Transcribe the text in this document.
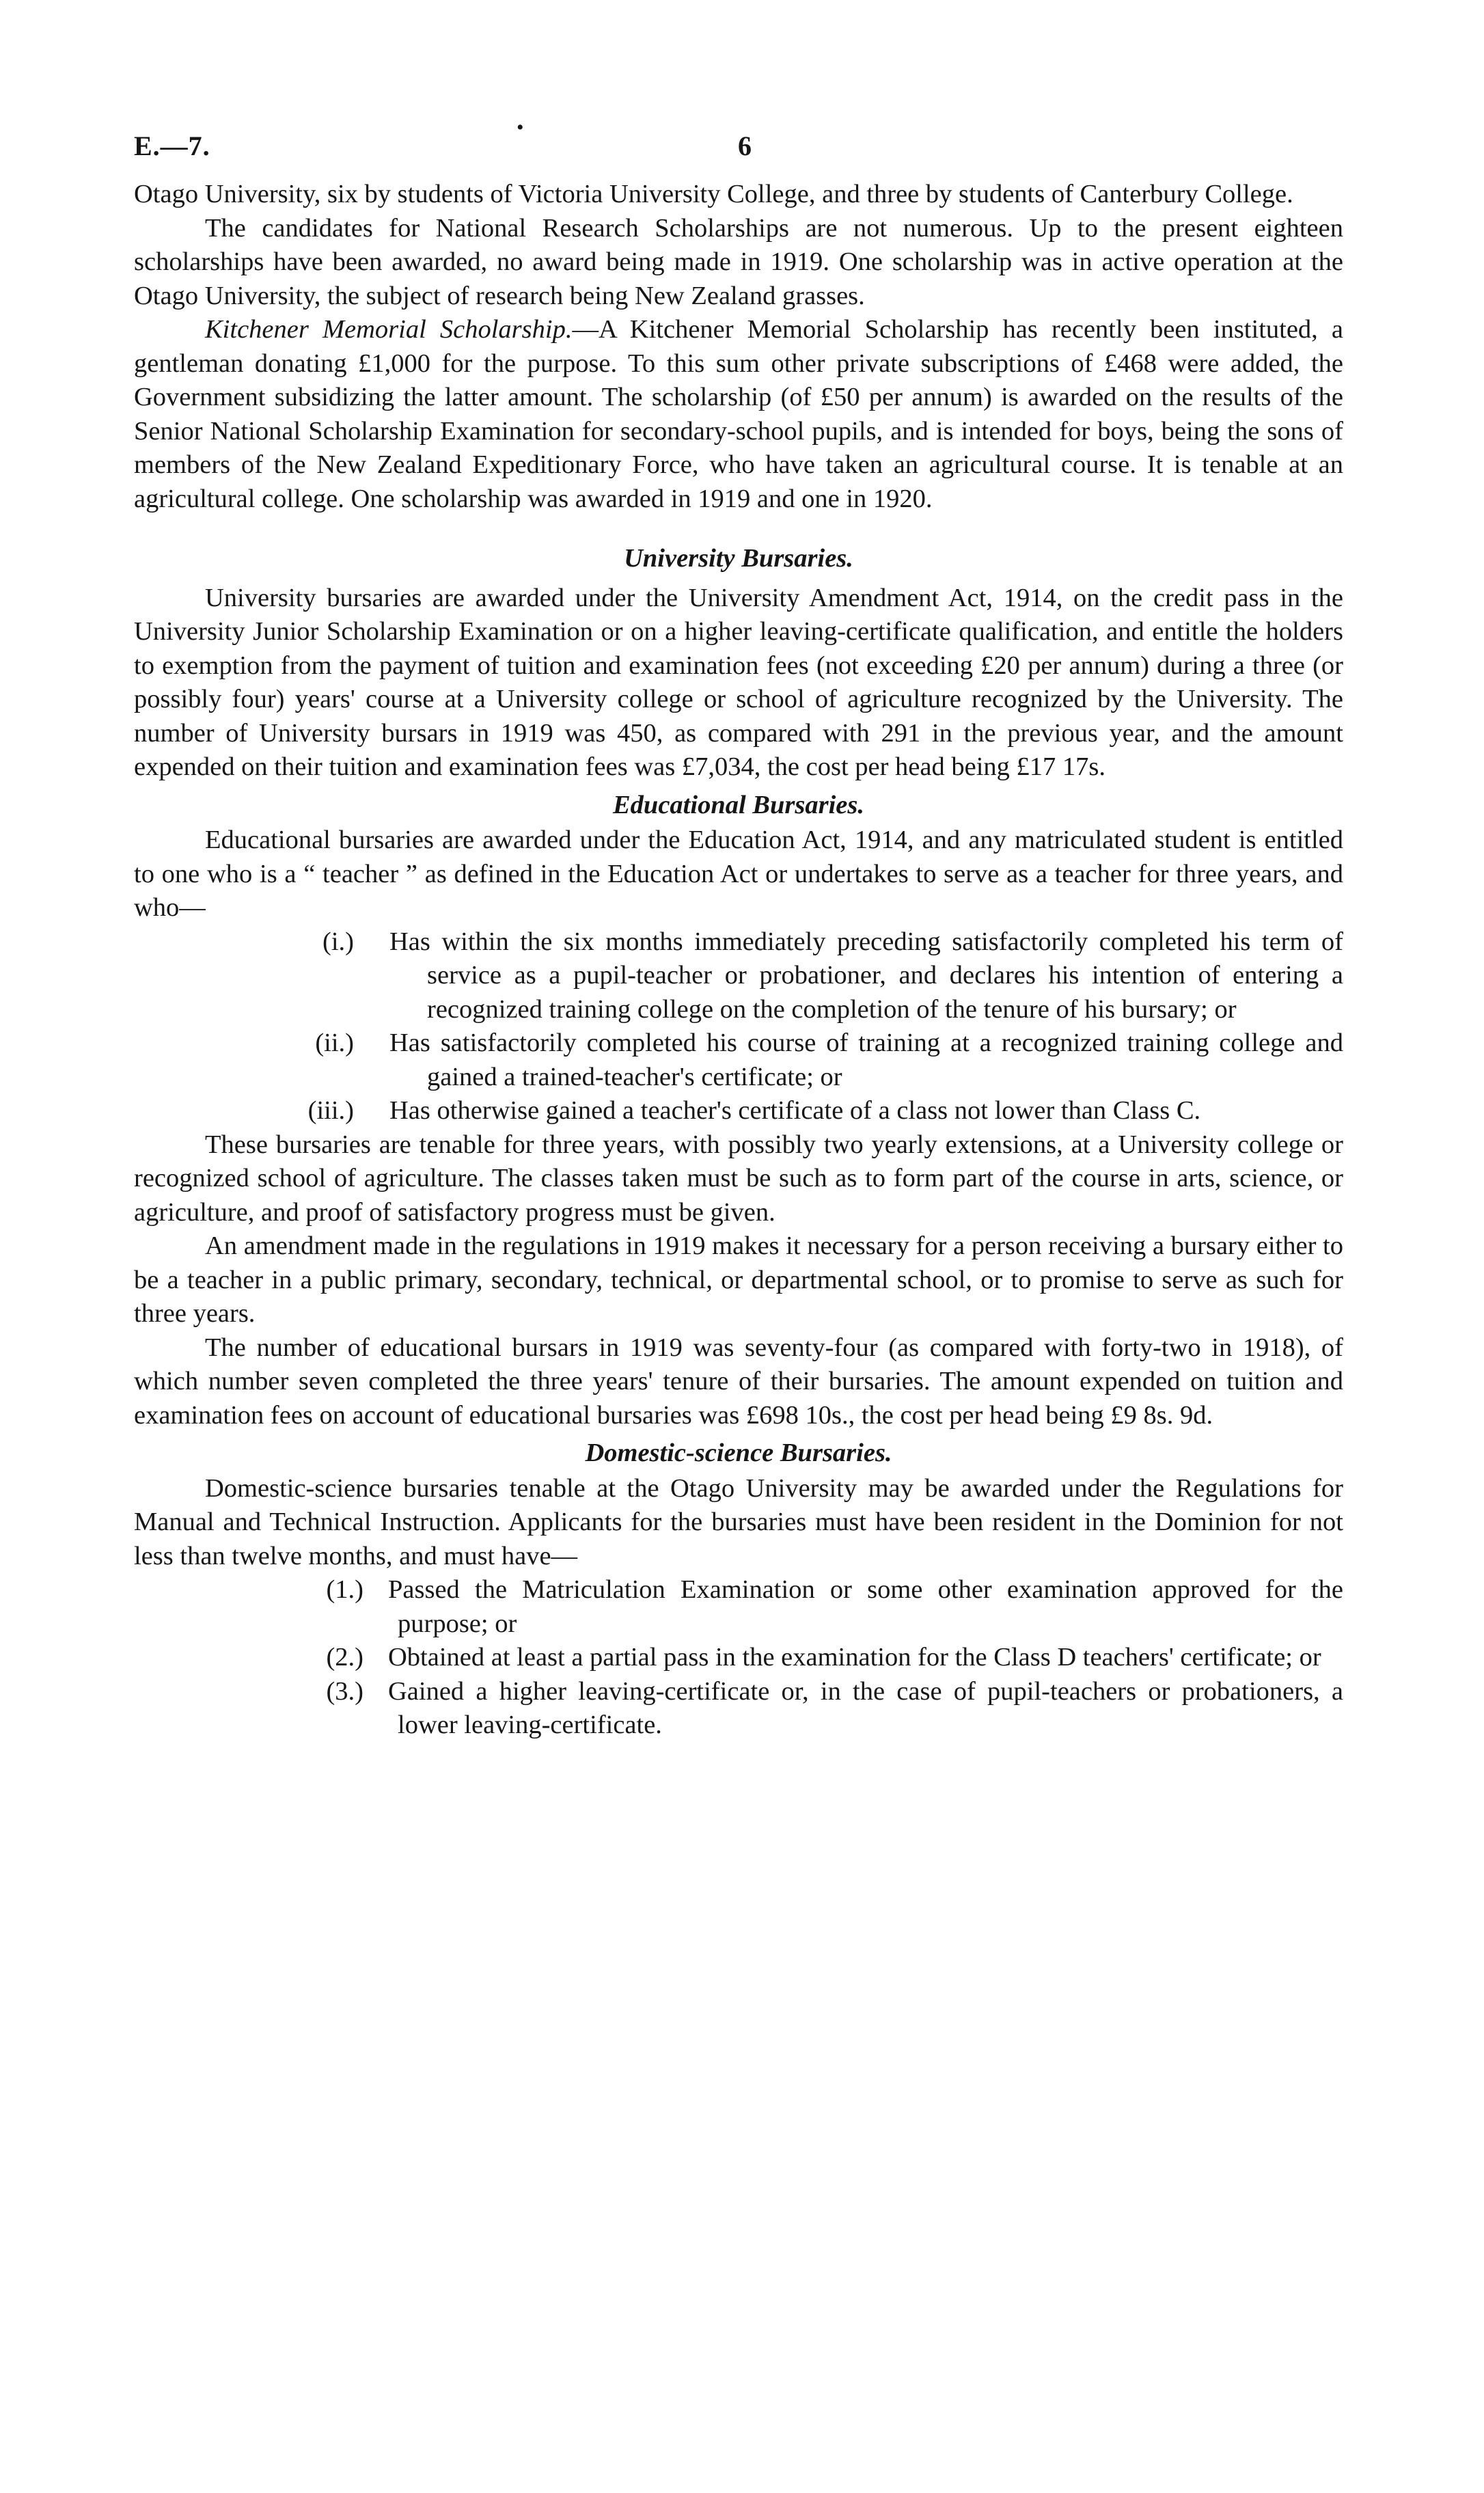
E.—7.
•
6

Otago University, six by students of Victoria University College, and three by students of Canterbury College.

The candidates for National Research Scholarships are not numerous. Up to the present eighteen scholarships have been awarded, no award being made in 1919. One scholarship was in active operation at the Otago University, the subject of research being New Zealand grasses.

Kitchener Memorial Scholarship.—A Kitchener Memorial Scholarship has recently been instituted, a gentleman donating £1,000 for the purpose. To this sum other private subscriptions of £468 were added, the Government subsidizing the latter amount. The scholarship (of £50 per annum) is awarded on the results of the Senior National Scholarship Examination for secondary-school pupils, and is intended for boys, being the sons of members of the New Zealand Expeditionary Force, who have taken an agricultural course. It is tenable at an agricultural college. One scholarship was awarded in 1919 and one in 1920.

University Bursaries.

University bursaries are awarded under the University Amendment Act, 1914, on the credit pass in the University Junior Scholarship Examination or on a higher leaving-certificate qualification, and entitle the holders to exemption from the payment of tuition and examination fees (not exceeding £20 per annum) during a three (or possibly four) years' course at a University college or school of agriculture recognized by the University. The number of University bursars in 1919 was 450, as compared with 291 in the previous year, and the amount expended on their tuition and examination fees was £7,034, the cost per head being £17 17s.

Educational Bursaries.

Educational bursaries are awarded under the Education Act, 1914, and any matriculated student is entitled to one who is a “ teacher ” as defined in the Education Act or undertakes to serve as a teacher for three years, and who—

(i.) Has within the six months immediately preceding satisfactorily completed his term of service as a pupil-teacher or probationer, and declares his intention of entering a recognized training college on the completion of the tenure of his bursary; or
(ii.) Has satisfactorily completed his course of training at a recognized training college and gained a trained-teacher's certificate; or
(iii.) Has otherwise gained a teacher's certificate of a class not lower than Class C.

These bursaries are tenable for three years, with possibly two yearly extensions, at a University college or recognized school of agriculture. The classes taken must be such as to form part of the course in arts, science, or agriculture, and proof of satisfactory progress must be given.

An amendment made in the regulations in 1919 makes it necessary for a person receiving a bursary either to be a teacher in a public primary, secondary, technical, or departmental school, or to promise to serve as such for three years.

The number of educational bursars in 1919 was seventy-four (as compared with forty-two in 1918), of which number seven completed the three years' tenure of their bursaries. The amount expended on tuition and examination fees on account of educational bursaries was £698 10s., the cost per head being £9 8s. 9d.

Domestic-science Bursaries.

Domestic-science bursaries tenable at the Otago University may be awarded under the Regulations for Manual and Technical Instruction. Applicants for the bursaries must have been resident in the Dominion for not less than twelve months, and must have—

(1.) Passed the Matriculation Examination or some other examination approved for the purpose; or
(2.) Obtained at least a partial pass in the examination for the Class D teachers' certificate; or
(3.) Gained a higher leaving-certificate or, in the case of pupil-teachers or probationers, a lower leaving-certificate.
